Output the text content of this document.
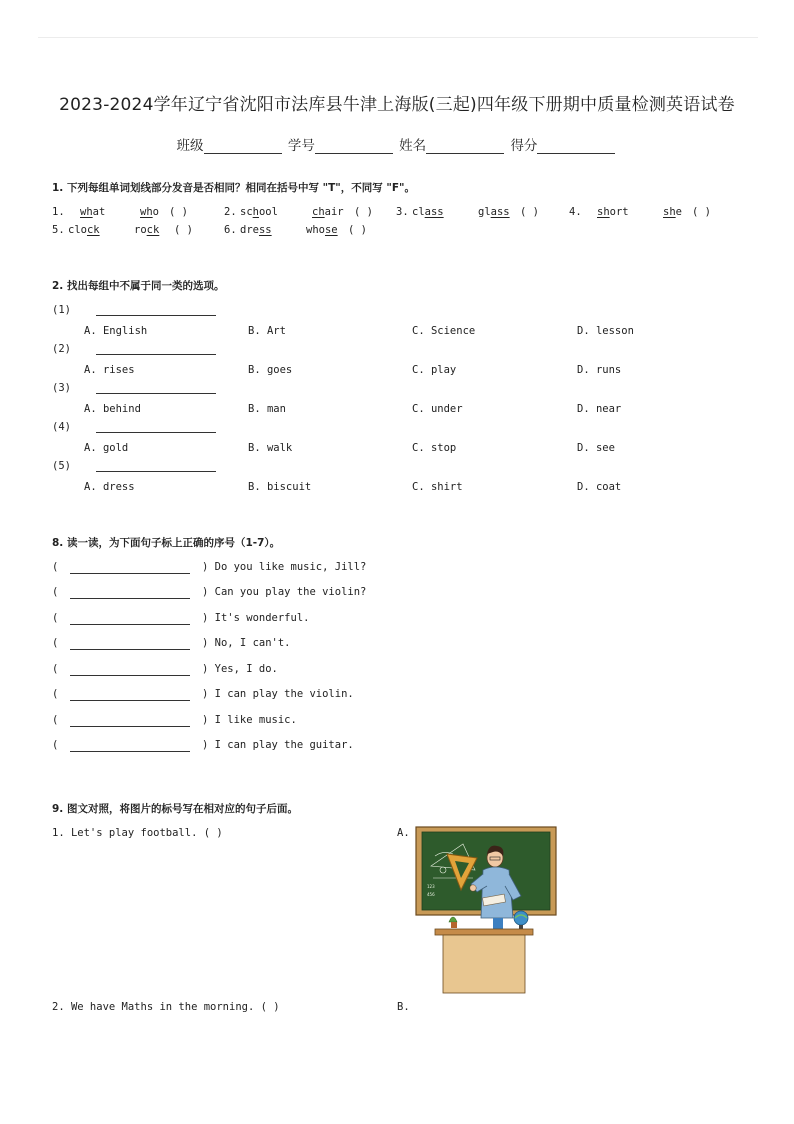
2023-2024学年辽宁省沈阳市法库县牛津上海版(三起)四年级下册期中质量检测英语试卷
班级	学号	姓名	得分
1. 下列每组单词划线部分发音是否相同？相同在括号中写 "T"，不同写 "F"。
1. what	who ( )	2. school	chair ( ) 3. class	glass ( )	4. short	she ( )
5. clock	rock ( )	6. dress	whose ( )
2. 找出每组中不属于同一类的选项。
(1)
A. English	B. Art	C. Science	D. lesson
(2)
A. rises	B. goes	C. play	D. runs
(3)
A. behind	B. man	C. under	D. near
(4)
A. gold	B. walk	C. stop	D. see
(5)
A. dress	B. biscuit	C. shirt	D. coat
8. 读一读，为下面句子标上正确的序号（1-7）。
(	) Do you like music, Jill?
(	) Can you play the violin?
(	) It's wonderful.
(	) No, I can't.
(	) Yes, I do.
(	) I can play the violin.
(	) I like music.
(	) I can play the guitar.
9. 图文对照，将图片的标号写在相对应的句子后面。
1. Let's play football. ( )	A.
2. We have Maths in the morning. ( )	B.
123
456
